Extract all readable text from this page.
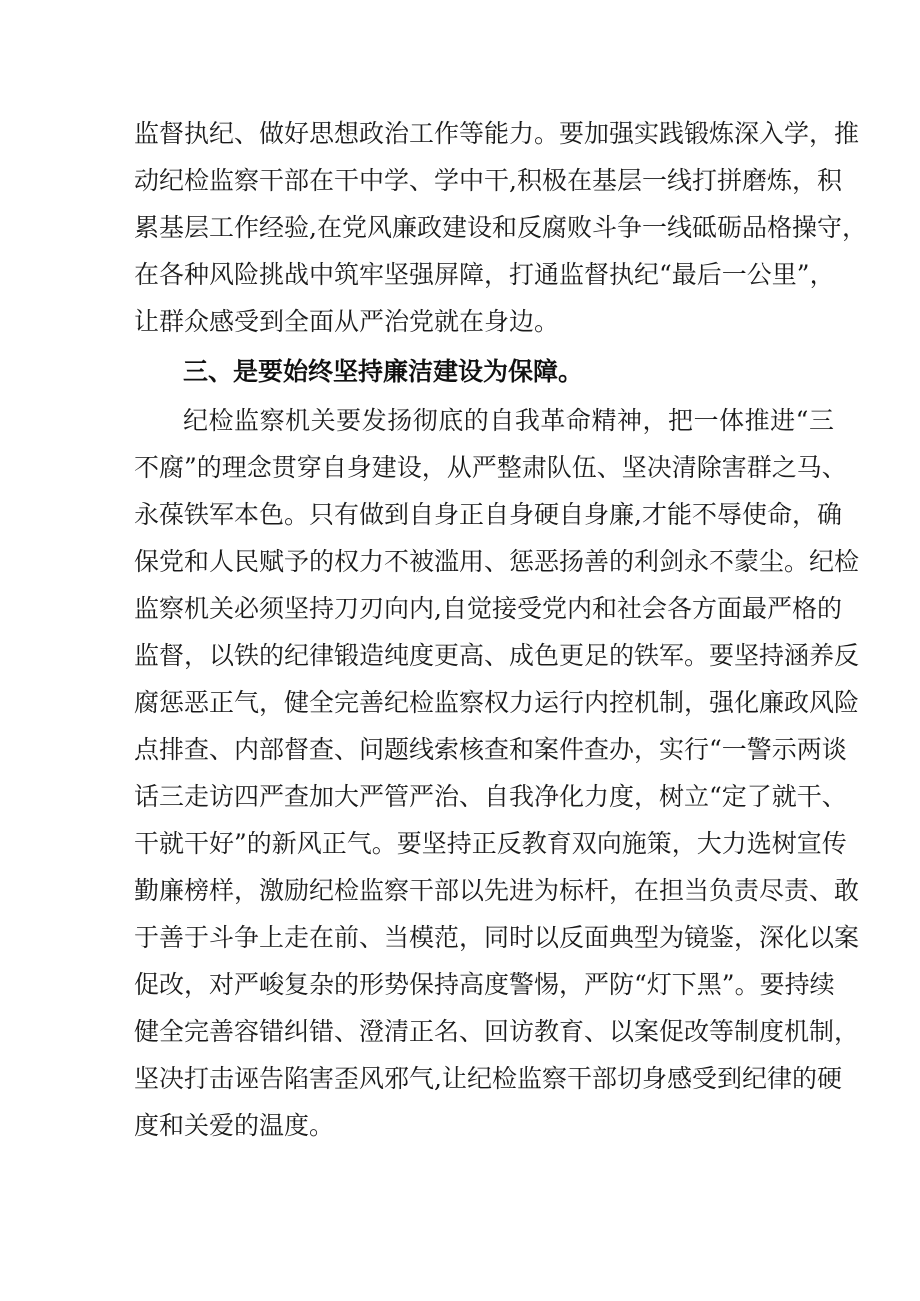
监督执纪、做好思想政治工作等能力。要加强实践锻炼深入学，推
动纪检监察干部在干中学、学中干,积极在基层一线打拼磨炼，积
累基层工作经验,在党风廉政建设和反腐败斗争一线砥砺品格操守，
在各种风险挑战中筑牢坚强屏障，打通监督执纪“最后一公里”，
让群众感受到全面从严治党就在身边。
三、是要始终坚持廉洁建设为保障。
纪检监察机关要发扬彻底的自我革命精神，把一体推进“三
不腐”的理念贯穿自身建设，从严整肃队伍、坚决清除害群之马、
永葆铁军本色。只有做到自身正自身硬自身廉,才能不辱使命，确
保党和人民赋予的权力不被滥用、惩恶扬善的利剑永不蒙尘。纪检
监察机关必须坚持刀刃向内,自觉接受党内和社会各方面最严格的
监督，以铁的纪律锻造纯度更高、成色更足的铁军。要坚持涵养反
腐惩恶正气，健全完善纪检监察权力运行内控机制，强化廉政风险
点排查、内部督查、问题线索核查和案件查办，实行“一警示两谈
话三走访四严查加大严管严治、自我净化力度，树立“定了就干、
干就干好”的新风正气。要坚持正反教育双向施策，大力选树宣传
勤廉榜样，激励纪检监察干部以先进为标杆，在担当负责尽责、敢
于善于斗争上走在前、当模范，同时以反面典型为镜鉴，深化以案
促改，对严峻复杂的形势保持高度警惕，严防“灯下黑”。要持续
健全完善容错纠错、澄清正名、回访教育、以案促改等制度机制，
坚决打击诬告陷害歪风邪气,让纪检监察干部切身感受到纪律的硬
度和关爱的温度。
